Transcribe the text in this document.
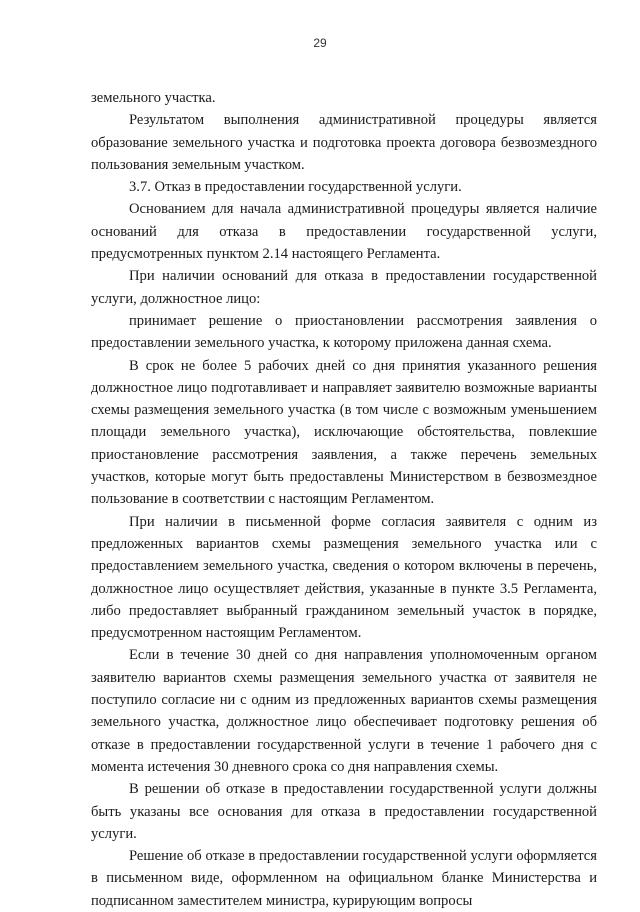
29

земельного участка.

Результатом выполнения административной процедуры является образование земельного участка и подготовка проекта договора безвозмездного пользования земельным участком.

3.7. Отказ в предоставлении государственной услуги.

Основанием для начала административной процедуры является наличие оснований для отказа в предоставлении государственной услуги, предусмотренных пунктом 2.14 настоящего Регламента.

При наличии оснований для отказа в предоставлении государственной услуги, должностное лицо:

принимает решение о приостановлении рассмотрения заявления о предоставлении земельного участка, к которому приложена данная схема.

В срок не более 5 рабочих дней со дня принятия указанного решения должностное лицо подготавливает и направляет заявителю возможные варианты схемы размещения земельного участка (в том числе с возможным уменьшением площади земельного участка), исключающие обстоятельства, повлекшие приостановление рассмотрения заявления, а также перечень земельных участков, которые могут быть предоставлены Министерством в безвозмездное пользование в соответствии с настоящим Регламентом.

При наличии в письменной форме согласия заявителя с одним из предложенных вариантов схемы размещения земельного участка или с предоставлением земельного участка, сведения о котором включены в перечень, должностное лицо осуществляет действия, указанные в пункте 3.5 Регламента, либо предоставляет выбранный гражданином земельный участок в порядке, предусмотренном настоящим Регламентом.

Если в течение 30 дней со дня направления уполномоченным органом заявителю вариантов схемы размещения земельного участка от заявителя не поступило согласие ни с одним из предложенных вариантов схемы размещения земельного участка, должностное лицо обеспечивает подготовку решения об отказе в предоставлении государственной услуги в течение 1 рабочего дня с момента истечения 30 дневного срока со дня направления схемы.

В решении об отказе в предоставлении государственной услуги должны быть указаны все основания для отказа в предоставлении государственной услуги.

Решение об отказе в предоставлении государственной услуги оформляется в письменном виде, оформленном на официальном бланке Министерства и подписанном заместителем министра, курирующим вопросы
